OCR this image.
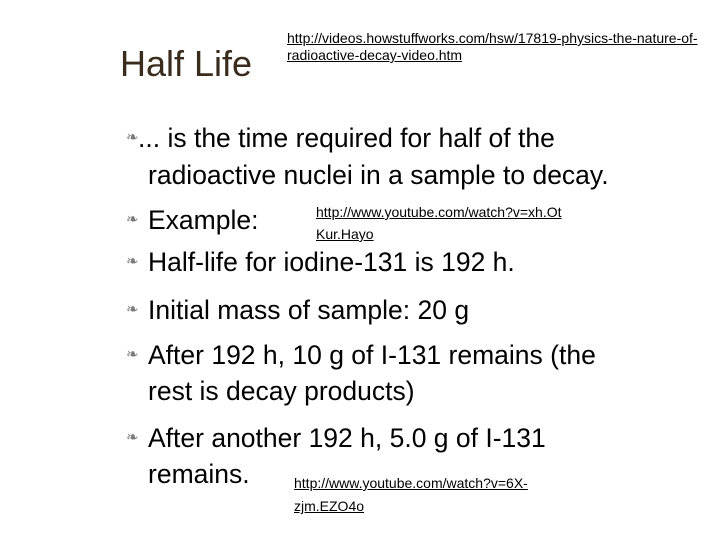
Half Life
http://videos.howstuffworks.com/hsw/17819-physics-the-nature-of-radioactive-decay-video.htm
❧ ... is the time required for half of the
radioactive nuclei in a sample to decay.
❧ Example:	http://www.youtube.com/watch?v=xh.Ot
Kur.Hayo
❧ Half-life for iodine-131 is 192 h.
❧ Initial mass of sample: 20 g
❧ After 192 h, 10 g of I-131 remains (the
rest is decay products)
❧ After another 192 h, 5.0 g of I-131
remains.	http://www.youtube.com/watch?v=6X-
zjm.EZO4o
